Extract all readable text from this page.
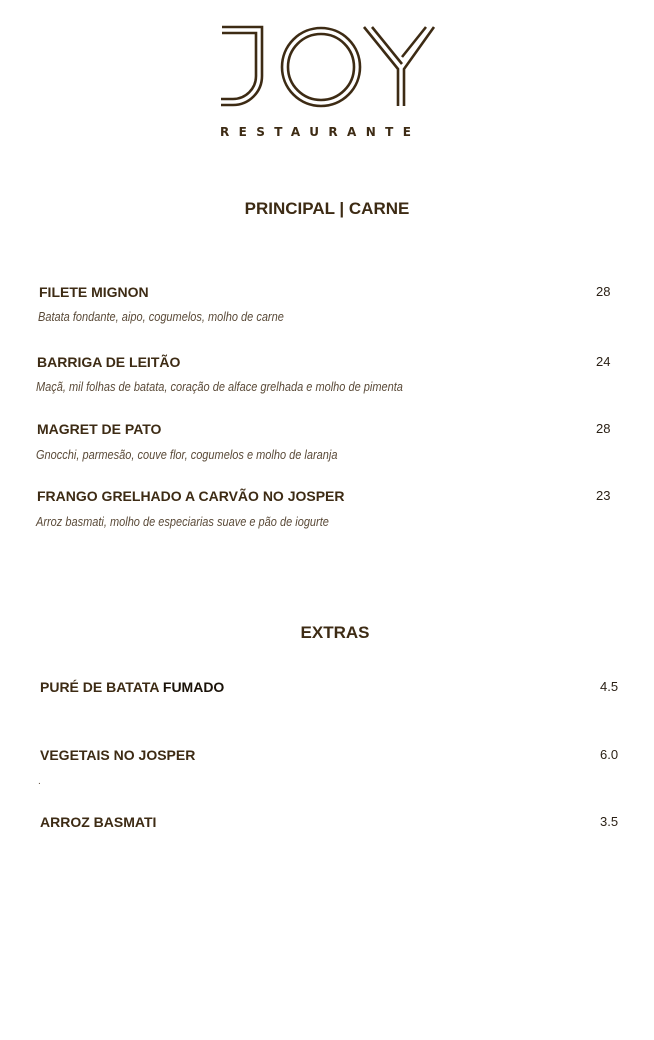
RESTAURANTE
PRINCIPAL | CARNE
FILETE MIGNON
Batata fondante, aipo, cogumelos, molho de carne
28
BARRIGA DE LEITÃO
Maçã, mil folhas de batata, coração de alface grelhada e molho de pimenta
24
MAGRET DE PATO
Gnocchi, parmesão, couve flor, cogumelos e molho de laranja
28
FRANGO GRELHADO A CARVÃO NO JOSPER
Arroz basmati, molho de especiarias suave e pão de iogurte
23
EXTRAS
PURÉ DE BATATA FUMADO	4.5
VEGETAIS NO JOSPER
.
6.0
ARROZ BASMATI	3.5
